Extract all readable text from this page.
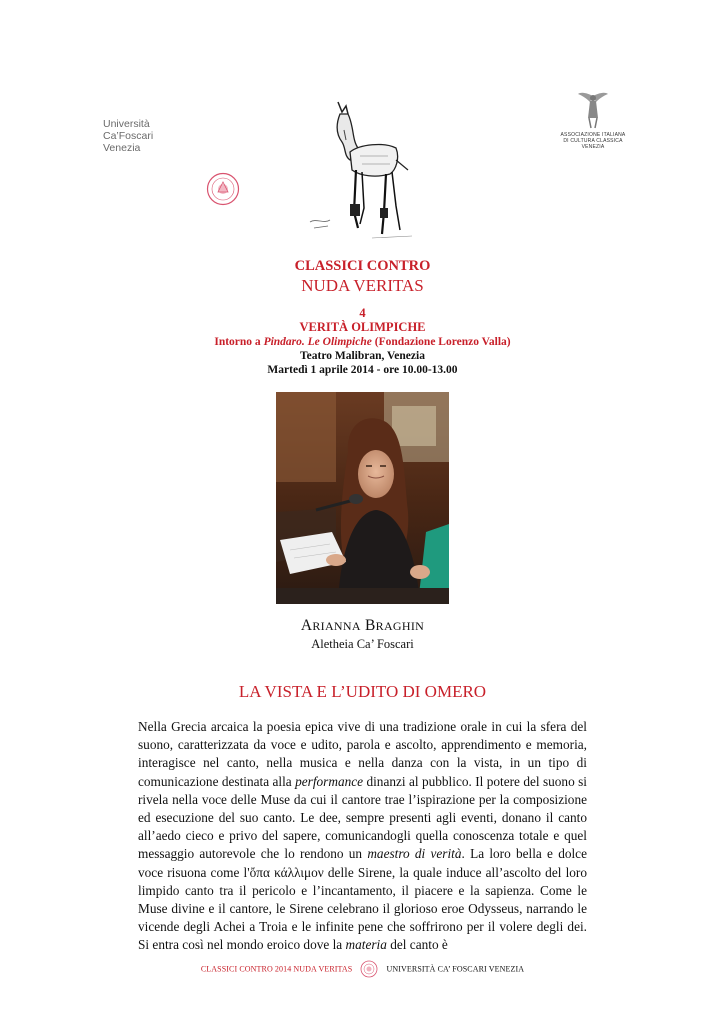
Università
Ca’Foscari
Venezia
ASSOCIAZIONE ITALIANA
DI CULTURA CLASSICA
VENEZIA
CLASSICI CONTRO
NUDA VERITAS
4
VERITÀ OLIMPICHE
Intorno a Pindaro. Le Olimpiche (Fondazione Lorenzo Valla)
Teatro Malibran, Venezia
Martedì 1 aprile 2014 - ore 10.00-13.00
ARIANNA BRAGHIN
Aletheia Ca’ Foscari
LA VISTA E L’UDITO DI OMERO

Nella Grecia arcaica la poesia epica vive di una tradizione orale in cui la sfera del suono, caratterizzata da voce e udito, parola e ascolto, apprendimento e memoria, interagisce nel canto, nella musica e nella danza con la vista, in un tipo di comunicazione destinata alla performance dinanzi al pubblico. Il potere del suono si rivela nella voce delle Muse da cui il cantore trae l’ispirazione per la composizione ed esecuzione del suo canto. Le dee, sempre presenti agli eventi, donano il canto all’aedo cieco e privo del sapere, comunicandogli quella conoscenza totale e quel messaggio autorevole che lo rendono un maestro di verità. La loro bella e dolce voce risuona come l'ὄπα κάλλιμον delle Sirene, la quale induce all’ascolto del loro limpido canto tra il pericolo e l’incantamento, il piacere e la sapienza. Come le Muse divine e il cantore, le Sirene celebrano il glorioso eroe Odysseus, narrando le vicende degli Achei a Troia e le infinite pene che soffrirono per il volere degli dei. Si entra così nel mondo eroico dove la materia del canto è

CLASSICI CONTRO 2014 NUDA VERITAS	UNIVERSITÀ CA’ FOSCARI VENEZIA
